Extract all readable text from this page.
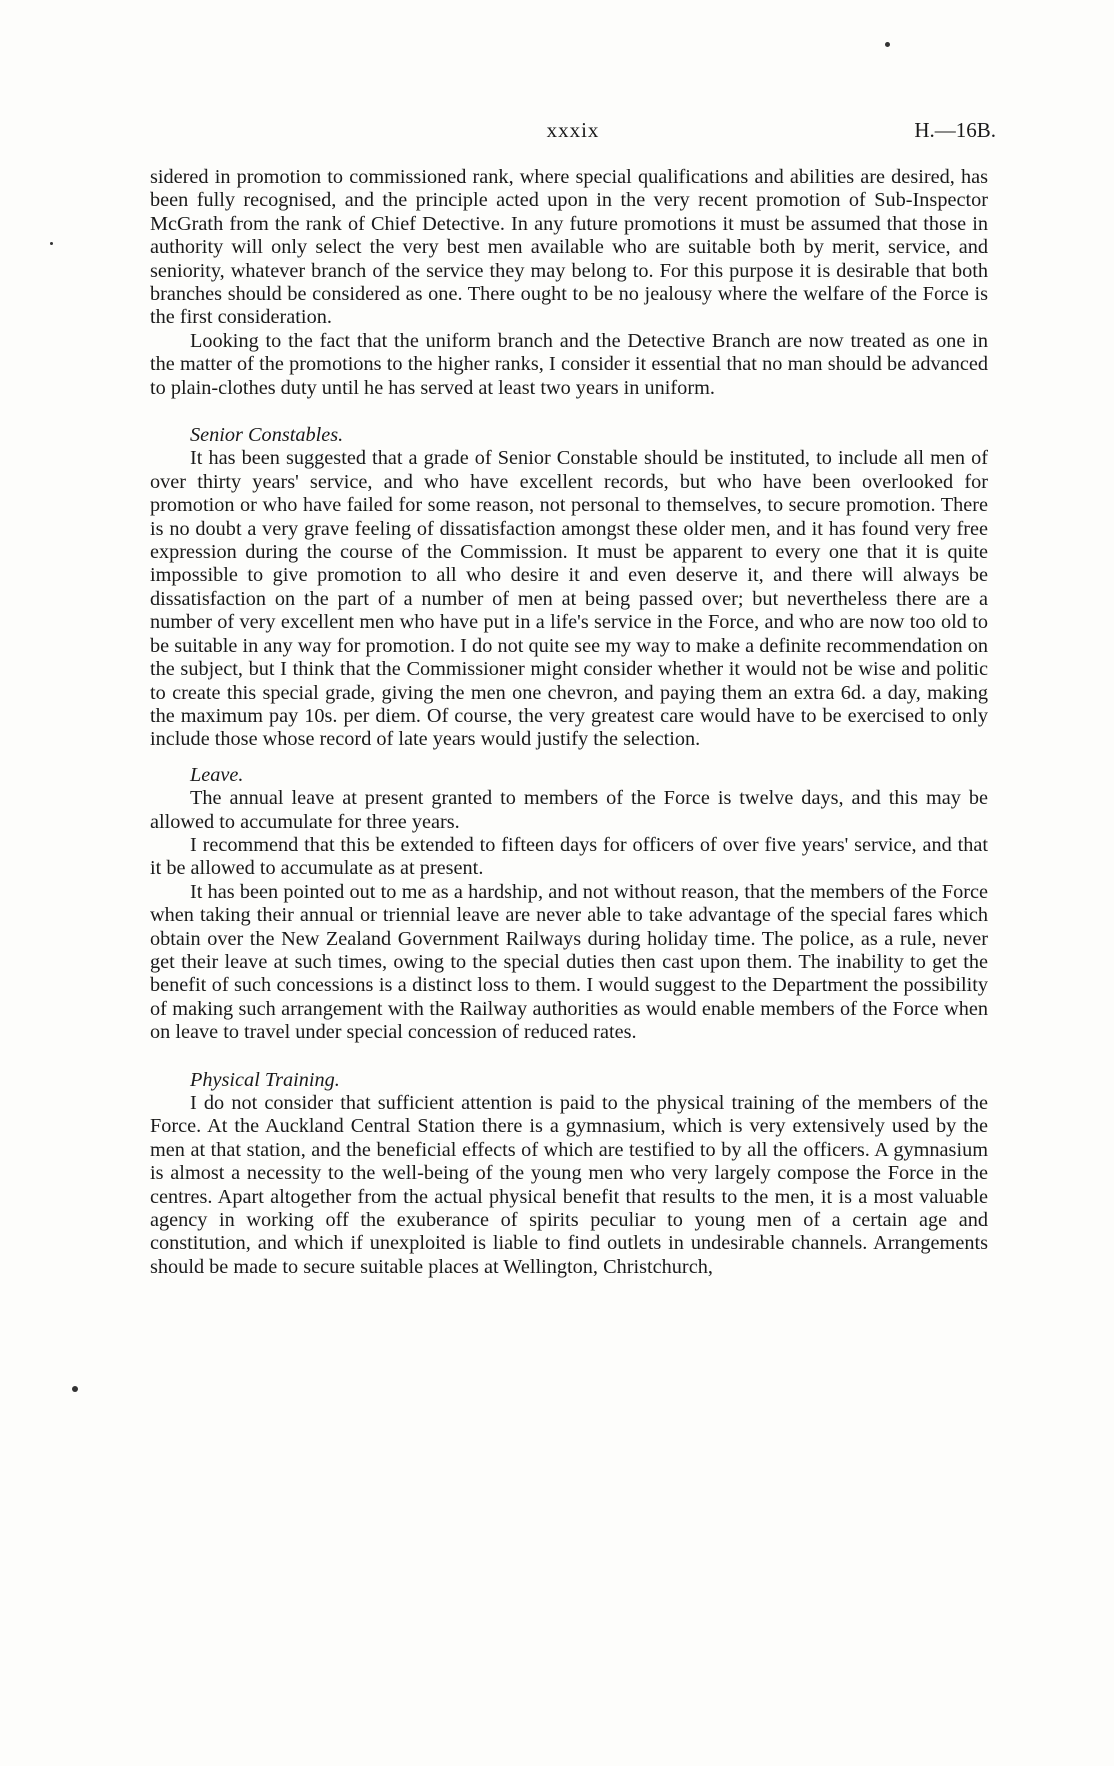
xxxix	H.—16B.

sidered in promotion to commissioned rank, where special qualifications and abilities are desired, has been fully recognised, and the principle acted upon in the very recent promotion of Sub-Inspector McGrath from the rank of Chief Detective. In any future promotions it must be assumed that those in authority will only select the very best men available who are suitable both by merit, service, and seniority, whatever branch of the service they may belong to. For this purpose it is desirable that both branches should be considered as one. There ought to be no jealousy where the welfare of the Force is the first consideration.

Looking to the fact that the uniform branch and the Detective Branch are now treated as one in the matter of the promotions to the higher ranks, I consider it essential that no man should be advanced to plain-clothes duty until he has served at least two years in uniform.

Senior Constables.

It has been suggested that a grade of Senior Constable should be instituted, to include all men of over thirty years' service, and who have excellent records, but who have been overlooked for promotion or who have failed for some reason, not personal to themselves, to secure promotion. There is no doubt a very grave feeling of dissatisfaction amongst these older men, and it has found very free expression during the course of the Commission. It must be apparent to every one that it is quite impossible to give promotion to all who desire it and even deserve it, and there will always be dissatisfaction on the part of a number of men at being passed over; but nevertheless there are a number of very excellent men who have put in a life's service in the Force, and who are now too old to be suitable in any way for promotion. I do not quite see my way to make a definite recommendation on the subject, but I think that the Commissioner might consider whether it would not be wise and politic to create this special grade, giving the men one chevron, and paying them an extra 6d. a day, making the maximum pay 10s. per diem. Of course, the very greatest care would have to be exercised to only include those whose record of late years would justify the selection.

Leave.

The annual leave at present granted to members of the Force is twelve days, and this may be allowed to accumulate for three years.

I recommend that this be extended to fifteen days for officers of over five years' service, and that it be allowed to accumulate as at present.

It has been pointed out to me as a hardship, and not without reason, that the members of the Force when taking their annual or triennial leave are never able to take advantage of the special fares which obtain over the New Zealand Government Railways during holiday time. The police, as a rule, never get their leave at such times, owing to the special duties then cast upon them. The inability to get the benefit of such concessions is a distinct loss to them. I would suggest to the Department the possibility of making such arrangement with the Railway authorities as would enable members of the Force when on leave to travel under special concession of reduced rates.

Physical Training.

I do not consider that sufficient attention is paid to the physical training of the members of the Force. At the Auckland Central Station there is a gymnasium, which is very extensively used by the men at that station, and the beneficial effects of which are testified to by all the officers. A gymnasium is almost a necessity to the well-being of the young men who very largely compose the Force in the centres. Apart altogether from the actual physical benefit that results to the men, it is a most valuable agency in working off the exuberance of spirits peculiar to young men of a certain age and constitution, and which if unexploited is liable to find outlets in undesirable channels. Arrangements should be made to secure suitable places at Wellington, Christchurch,
